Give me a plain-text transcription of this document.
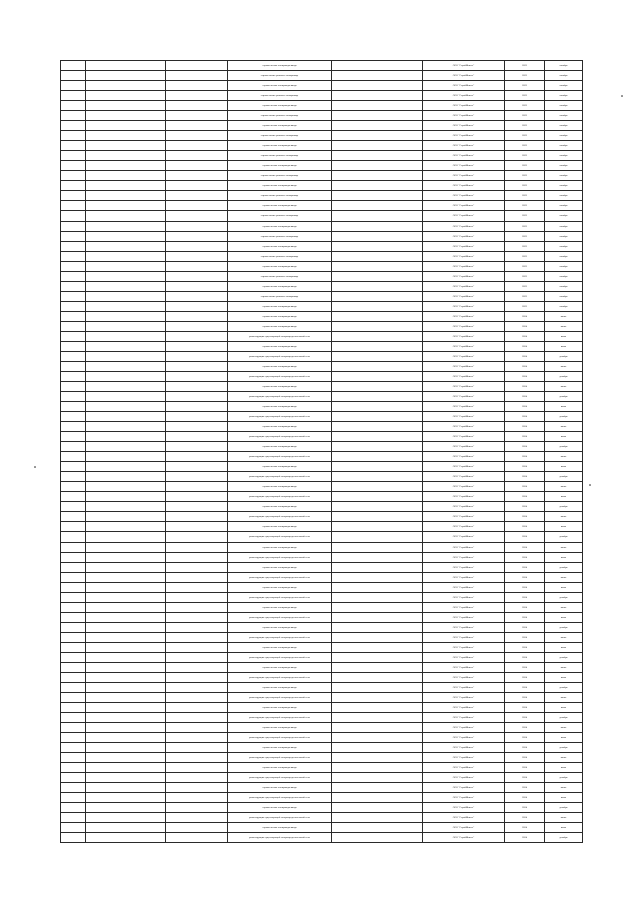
			строительство газопровода-ввода		ООО "СтройИнвест"	2023	октябрь
			строительство уличного газопровода		ООО "СтройИнвест"	2023	октябрь
			строительство газопровода-ввода		ООО "СтройИнвест"	2023	октябрь
			строительство уличного газопровода		ООО "СтройИнвест"	2023	октябрь
			строительство газопровода-ввода		ООО "СтройИнвест"	2023	октябрь
			строительство уличного газопровода		ООО "СтройИнвест"	2023	октябрь
			строительство газопровода-ввода		ООО "СтройИнвест"	2023	октябрь
			строительство уличного газопровода		ООО "СтройИнвест"	2023	октябрь
			строительство газопровода-ввода		ООО "СтройИнвест"	2023	октябрь
			строительство уличного газопровода		ООО "СтройИнвест"	2023	октябрь
			строительство газопровода-ввода		ООО "СтройИнвест"	2023	октябрь
			строительство уличного газопровода		ООО "СтройИнвест"	2023	октябрь
			строительство газопровода-ввода		ООО "СтройИнвест"	2023	октябрь
			строительство уличного газопровода		ООО "СтройИнвест"	2023	октябрь
			строительство газопровода-ввода		ООО "СтройИнвест"	2023	октябрь
			строительство уличного газопровода		ООО "СтройИнвест"	2023	октябрь
			строительство газопровода-ввода		ООО "СтройИнвест"	2023	октябрь
			строительство уличного газопровода		ООО "СтройИнвест"	2023	октябрь
			строительство газопровода-ввода		ООО "СтройИнвест"	2023	октябрь
			строительство уличного газопровода		ООО "СтройИнвест"	2023	октябрь
			строительство газопровода-ввода		ООО "СтройИнвест"	2023	октябрь
			строительство уличного газопровода		ООО "СтройИнвест"	2023	октябрь
			строительство газопровода-ввода		ООО "СтройИнвест"	2023	октябрь
			строительство уличного газопровода		ООО "СтройИнвест"	2023	октябрь
			строительство газопровода-ввода		ООО "СтройИнвест"	2023	октябрь
			строительство газопровода-ввода		ООО "СтройИнвест"	2024	июнь
			строительство газопровода-ввода		ООО "СтройИнвест"	2024	июнь
			реконструкция существующей газораспределительной сети		ООО "СтройИнвест"	2024	июль
			строительство газопровода-ввода		ООО "СтройИнвест"	2024	июль
			реконструкция существующей газораспределительной сети		ООО "СтройИнвест"	2024	декабрь
			строительство газопровода-ввода		ООО "СтройИнвест"	2024	июнь
			реконструкция существующей газораспределительной сети		ООО "СтройИнвест"	2024	декабрь
			строительство газопровода-ввода		ООО "СтройИнвест"	2024	июнь
			реконструкция существующей газораспределительной сети		ООО "СтройИнвест"	2024	декабрь
			строительство газопровода-ввода		ООО "СтройИнвест"	2024	июль
			реконструкция существующей газораспределительной сети		ООО "СтройИнвест"	2024	декабрь
			строительство газопровода-ввода		ООО "СтройИнвест"	2024	июнь
			реконструкция существующей газораспределительной сети		ООО "СтройИнвест"	2024	июль
			строительство газопровода-ввода		ООО "СтройИнвест"	2024	декабрь
			реконструкция существующей газораспределительной сети		ООО "СтройИнвест"	2024	июнь
			строительство газопровода-ввода		ООО "СтройИнвест"	2024	июль
			реконструкция существующей газораспределительной сети		ООО "СтройИнвест"	2024	декабрь
			строительство газопровода-ввода		ООО "СтройИнвест"	2024	июнь
			реконструкция существующей газораспределительной сети		ООО "СтройИнвест"	2024	июль
			строительство газопровода-ввода		ООО "СтройИнвест"	2024	декабрь
			реконструкция существующей газораспределительной сети		ООО "СтройИнвест"	2024	июнь
			строительство газопровода-ввода		ООО "СтройИнвест"	2024	июль
			реконструкция существующей газораспределительной сети		ООО "СтройИнвест"	2024	декабрь
			строительство газопровода-ввода		ООО "СтройИнвест"	2024	июнь
			реконструкция существующей газораспределительной сети		ООО "СтройИнвест"	2024	июль
			строительство газопровода-ввода		ООО "СтройИнвест"	2024	декабрь
			реконструкция существующей газораспределительной сети		ООО "СтройИнвест"	2024	июнь
			строительство газопровода-ввода		ООО "СтройИнвест"	2024	июль
			реконструкция существующей газораспределительной сети		ООО "СтройИнвест"	2024	декабрь
			строительство газопровода-ввода		ООО "СтройИнвест"	2024	июнь
			реконструкция существующей газораспределительной сети		ООО "СтройИнвест"	2024	июль
			строительство газопровода-ввода		ООО "СтройИнвест"	2024	декабрь
			реконструкция существующей газораспределительной сети		ООО "СтройИнвест"	2024	июнь
			строительство газопровода-ввода		ООО "СтройИнвест"	2024	июль
			реконструкция существующей газораспределительной сети		ООО "СтройИнвест"	2024	декабрь
			строительство газопровода-ввода		ООО "СтройИнвест"	2024	июнь
			реконструкция существующей газораспределительной сети		ООО "СтройИнвест"	2024	июль
			строительство газопровода-ввода		ООО "СтройИнвест"	2024	декабрь
			реконструкция существующей газораспределительной сети		ООО "СтройИнвест"	2024	июнь
			строительство газопровода-ввода		ООО "СтройИнвест"	2024	июль
			реконструкция существующей газораспределительной сети		ООО "СтройИнвест"	2024	декабрь
			строительство газопровода-ввода		ООО "СтройИнвест"	2024	июнь
			реконструкция существующей газораспределительной сети		ООО "СтройИнвест"	2024	июль
			строительство газопровода-ввода		ООО "СтройИнвест"	2024	декабрь
			реконструкция существующей газораспределительной сети		ООО "СтройИнвест"	2024	июнь
			строительство газопровода-ввода		ООО "СтройИнвест"	2024	июль
			реконструкция существующей газораспределительной сети		ООО "СтройИнвест"	2024	декабрь
			строительство газопровода-ввода		ООО "СтройИнвест"	2024	июнь
			реконструкция существующей газораспределительной сети		ООО "СтройИнвест"	2024	июль
			строительство газопровода-ввода		ООО "СтройИнвест"	2024	декабрь
			реконструкция существующей газораспределительной сети		ООО "СтройИнвест"	2024	июнь
			строительство газопровода-ввода		ООО "СтройИнвест"	2024	июль
			реконструкция существующей газораспределительной сети		ООО "СтройИнвест"	2024	декабрь
